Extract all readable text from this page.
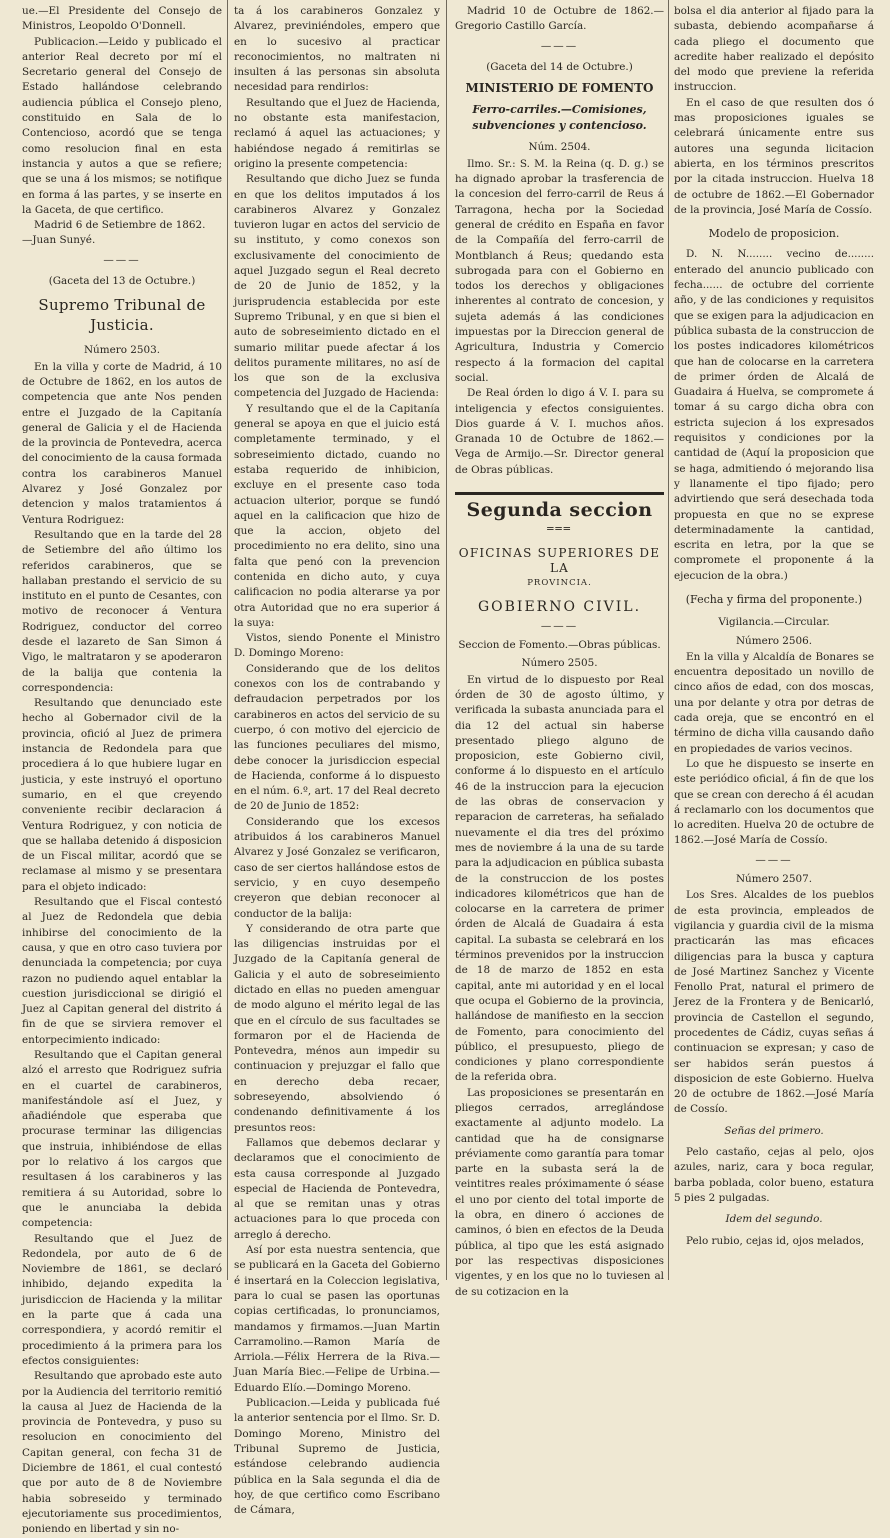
ue.—El Presidente del Consejo de Ministros, Leopoldo O'Donnell.

Publicacion.—Leido y publicado el anterior Real decreto por mí el Secretario general del Consejo de Estado hallándose celebrando audiencia pública el Consejo pleno, constituido en Sala de lo Contencioso, acordó que se tenga como resolucion final en esta instancia y autos a que se refiere; que se una á los mismos; se notifique en forma á las partes, y se inserte en la Gaceta, de que certifico.

Madrid 6 de Setiembre de 1862.

—Juan Sunyé.

———

(Gaceta del 13 de Octubre.)

Supremo Tribunal de Justicia.

Número 2503.

En la villa y corte de Madrid, á 10 de Octubre de 1862, en los autos de competencia que ante Nos penden entre el Juzgado de la Capitanía general de Galicia y el de Hacienda de la provincia de Pontevedra, acerca del conocimiento de la causa formada contra los carabineros Manuel Alvarez y José Gonzalez por detencion y malos tratamientos á Ventura Rodriguez:

Resultando que en la tarde del 28 de Setiembre del año último los referidos carabineros, que se hallaban prestando el servicio de su instituto en el punto de Cesantes, con motivo de reconocer á Ventura Rodriguez, conductor del correo desde el lazareto de San Simon á Vigo, le maltrataron y se apoderaron de la balija que contenia la correspondencia:

Resultando que denunciado este hecho al Gobernador civil de la provincia, ofició al Juez de primera instancia de Redondela para que procediera á lo que hubiere lugar en justicia, y este instruyó el oportuno sumario, en el que creyendo conveniente recibir declaracion á Ventura Rodriguez, y con noticia de que se hallaba detenido á disposicion de un Fiscal militar, acordó que se reclamase al mismo y se presentara para el objeto indicado:

Resultando que el Fiscal contestó al Juez de Redondela que debia inhibirse del conocimiento de la causa, y que en otro caso tuviera por denunciada la competencia; por cuya razon no pudiendo aquel entablar la cuestion jurisdiccional se dirigió el Juez al Capitan general del distrito á fin de que se sirviera remover el entorpecimiento indicado:

Resultando que el Capitan general alzó el arresto que Rodriguez sufria en el cuartel de carabineros, manifestándole así el Juez, y añadiéndole que esperaba que procurase terminar las diligencias que instruia, inhibiéndose de ellas por lo relativo á los cargos que resultasen á los carabineros y las remitiera á su Autoridad, sobre lo que le anunciaba la debida competencia:

Resultando que el Juez de Redondela, por auto de 6 de Noviembre de 1861, se declaró inhibido, dejando expedita la jurisdiccion de Hacienda y la militar en la parte que á cada una correspondiera, y acordó remitir el procedimiento á la primera para los efectos consiguientes:

Resultando que aprobado este auto por la Audiencia del territorio remitió la causa al Juez de Hacienda de la provincia de Pontevedra, y puso su resolucion en conocimiento del Capitan general, con fecha 31 de Diciembre de 1861, el cual contestó que por auto de 8 de Noviembre habia sobreseido y terminado ejecutoriamente sus procedimientos, poniendo en libertad y sin no-

ta á los carabineros Gonzalez y Alvarez, previniéndoles, empero que en lo sucesivo al practicar reconocimientos, no maltraten ni insulten á las personas sin absoluta necesidad para rendirlos:

Resultando que el Juez de Hacienda, no obstante esta manifestacion, reclamó á aquel las actuaciones; y habiéndose negado á remitirlas se origino la presente competencia:

Resultando que dicho Juez se funda en que los delitos imputados á los carabineros Alvarez y Gonzalez tuvieron lugar en actos del servicio de su instituto, y como conexos son exclusivamente del conocimiento de aquel Juzgado segun el Real decreto de 20 de Junio de 1852, y la jurisprudencia establecida por este Supremo Tribunal, y en que si bien el auto de sobreseimiento dictado en el sumario militar puede afectar á los delitos puramente militares, no así de los que son de la exclusiva competencia del Juzgado de Hacienda:

Y resultando que el de la Capitanía general se apoya en que el juicio está completamente terminado, y el sobreseimiento dictado, cuando no estaba requerido de inhibicion, excluye en el presente caso toda actuacion ulterior, porque se fundó aquel en la calificacion que hizo de que la accion, objeto del procedimiento no era delito, sino una falta que penó con la prevencion contenida en dicho auto, y cuya calificacion no podia alterarse ya por otra Autoridad que no era superior á la suya:

Vistos, siendo Ponente el Ministro D. Domingo Moreno:

Considerando que de los delitos conexos con los de contrabando y defraudacion perpetrados por los carabineros en actos del servicio de su cuerpo, ó con motivo del ejercicio de las funciones peculiares del mismo, debe conocer la jurisdiccion especial de Hacienda, conforme á lo dispuesto en el núm. 6.º, art. 17 del Real decreto de 20 de Junio de 1852:

Considerando que los excesos atribuidos á los carabineros Manuel Alvarez y José Gonzalez se verificaron, caso de ser ciertos hallándose estos de servicio, y en cuyo desempeño creyeron que debian reconocer al conductor de la balija:

Y considerando de otra parte que las diligencias instruidas por el Juzgado de la Capitanía general de Galicia y el auto de sobreseimiento dictado en ellas no pueden amenguar de modo alguno el mérito legal de las que en el círculo de sus facultades se formaron por el de Hacienda de Pontevedra, ménos aun impedir su continuacion y prejuzgar el fallo que en derecho deba recaer, sobreseyendo, absolviendo ó condenando definitivamente á los presuntos reos:

Fallamos que debemos declarar y declaramos que el conocimiento de esta causa corresponde al Juzgado especial de Hacienda de Pontevedra, al que se remitan unas y otras actuaciones para lo que proceda con arreglo á derecho.

Así por esta nuestra sentencia, que se publicará en la Gaceta del Gobierno é insertará en la Coleccion legislativa, para lo cual se pasen las oportunas copias certificadas, lo pronunciamos, mandamos y firmamos.—Juan Martin Carramolino.—Ramon María de Arriola.—Félix Herrera de la Riva.—Juan María Biec.—Felipe de Urbina.—Eduardo Elío.—Domingo Moreno.

Publicacion.—Leida y publicada fué la anterior sentencia por el Ilmo. Sr. D. Domingo Moreno, Ministro del Tribunal Supremo de Justicia, estándose celebrando audiencia pública en la Sala segunda el dia de hoy, de que certifico como Escribano de Cámara,

Madrid 10 de Octubre de 1862.—Gregorio Castillo García.

———

(Gaceta del 14 de Octubre.)

MINISTERIO DE FOMENTO

Ferro-carriles.—Comisiones, subvenciones y contencioso.

Núm. 2504.

Ilmo. Sr.: S. M. la Reina (q. D. g.) se ha dignado aprobar la trasferencia de la concesion del ferro-carril de Reus á Tarragona, hecha por la Sociedad general de crédito en España en favor de la Compañía del ferro-carril de Montblanch á Reus; quedando esta subrogada para con el Gobierno en todos los derechos y obligaciones inherentes al contrato de concesion, y sujeta además á las condiciones impuestas por la Direccion general de Agricultura, Industria y Comercio respecto á la formacion del capital social.

De Real órden lo digo á V. I. para su inteligencia y efectos consiguientes. Dios guarde á V. I. muchos años. Granada 10 de Octubre de 1862.—Vega de Armijo.—Sr. Director general de Obras públicas.

Segunda seccion

═══

OFICINAS SUPERIORES DE LA

PROVINCIA.

GOBIERNO CIVIL.

———

Seccion de Fomento.—Obras públicas.

Número 2505.

En virtud de lo dispuesto por Real órden de 30 de agosto último, y verificada la subasta anunciada para el dia 12 del actual sin haberse presentado pliego alguno de proposicion, este Gobierno civil, conforme á lo dispuesto en el artículo 46 de la instruccion para la ejecucion de las obras de conservacion y reparacion de carreteras, ha señalado nuevamente el dia tres del próximo mes de noviembre á la una de su tarde para la adjudicacion en pública subasta de la construccion de los postes indicadores kilométricos que han de colocarse en la carretera de primer órden de Alcalá de Guadaira á esta capital. La subasta se celebrará en los términos prevenidos por la instruccion de 18 de marzo de 1852 en esta capital, ante mi autoridad y en el local que ocupa el Gobierno de la provincia, hallándose de manifiesto en la seccion de Fomento, para conocimiento del público, el presupuesto, pliego de condiciones y plano correspondiente de la referida obra.

Las proposiciones se presentarán en pliegos cerrados, arreglándose exactamente al adjunto modelo. La cantidad que ha de consignarse préviamente como garantía para tomar parte en la subasta será la de veintitres reales próximamente ó séase el uno por ciento del total importe de la obra, en dinero ó acciones de caminos, ó bien en efectos de la Deuda pública, al tipo que les está asignado por las respectivas disposiciones vigentes, y en los que no lo tuviesen al de su cotizacion en la

bolsa el dia anterior al fijado para la subasta, debiendo acompañarse á cada pliego el documento que acredite haber realizado el depósito del modo que previene la referida instruccion.

En el caso de que resulten dos ó mas proposiciones iguales se celebrará únicamente entre sus autores una segunda licitacion abierta, en los términos prescritos por la citada instruccion. Huelva 18 de octubre de 1862.—El Gobernador de la provincia, José María de Cossío.

Modelo de proposicion.

D. N. N........ vecino de........ enterado del anuncio publicado con fecha...... de octubre del corriente año, y de las condiciones y requisitos que se exigen para la adjudicacion en pública subasta de la construccion de los postes indicadores kilométricos que han de colocarse en la carretera de primer órden de Alcalá de Guadaira á Huelva, se compromete á tomar á su cargo dicha obra con estricta sujecion á los expresados requisitos y condiciones por la cantidad de (Aquí la proposicion que se haga, admitiendo ó mejorando lisa y llanamente el tipo fijado; pero advirtiendo que será desechada toda propuesta en que no se exprese determinadamente la cantidad, escrita en letra, por la que se compromete el proponente á la ejecucion de la obra.)

(Fecha y firma del proponente.)

Vigilancia.—Circular.

Número 2506.

En la villa y Alcaldía de Bonares se encuentra depositado un novillo de cinco años de edad, con dos moscas, una por delante y otra por detras de cada oreja, que se encontró en el término de dicha villa causando daño en propiedades de varios vecinos.

Lo que he dispuesto se inserte en este periódico oficial, á fin de que los que se crean con derecho á él acudan á reclamarlo con los documentos que lo acrediten. Huelva 20 de octubre de 1862.—José María de Cossío.

———

Número 2507.

Los Sres. Alcaldes de los pueblos de esta provincia, empleados de vigilancia y guardia civil de la misma practicarán las mas eficaces diligencias para la busca y captura de José Martinez Sanchez y Vicente Fenollo Prat, natural el primero de Jerez de la Frontera y de Benicarló, provincia de Castellon el segundo, procedentes de Cádiz, cuyas señas á continuacion se expresan; y caso de ser habidos serán puestos á disposicion de este Gobierno. Huelva 20 de octubre de 1862.—José María de Cossío.

Señas del primero.

Pelo castaño, cejas al pelo, ojos azules, nariz, cara y boca regular, barba poblada, color bueno, estatura 5 pies 2 pulgadas.

Idem del segundo.

Pelo rubio, cejas id, ojos melados,
